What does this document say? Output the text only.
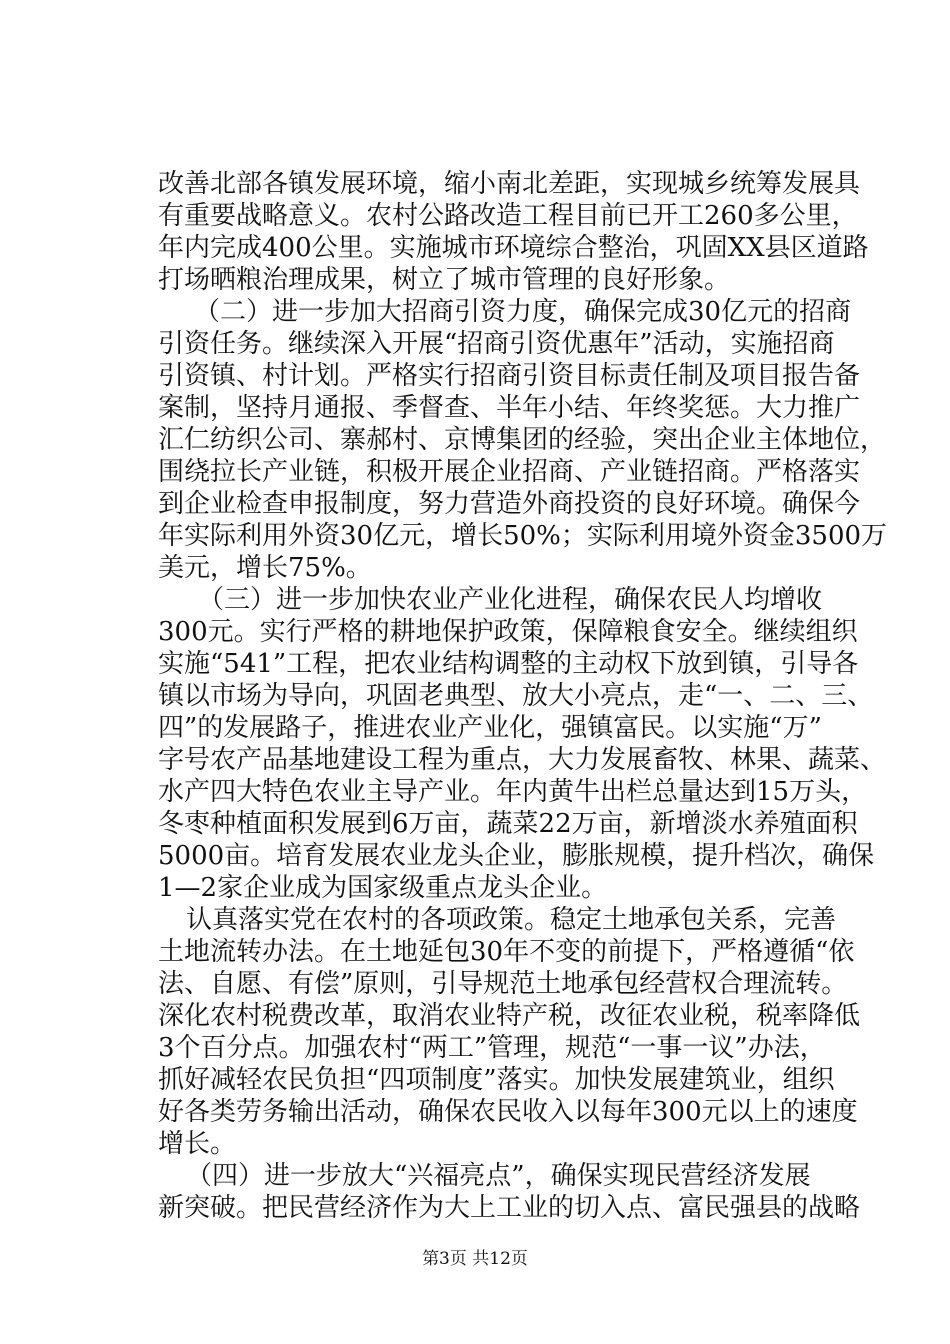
改善北部各镇发展环境，缩小南北差距，实现城乡统筹发展具
有重要战略意义。农村公路改造工程目前已开工260多公里，
年内完成400公里。实施城市环境综合整治，巩固XX县区道路
打场晒粮治理成果，树立了城市管理的良好形象。
（二）进一步加大招商引资力度，确保完成30亿元的招商
引资任务。继续深入开展“招商引资优惠年”活动，实施招商
引资镇、村计划。严格实行招商引资目标责任制及项目报告备
案制，坚持月通报、季督查、半年小结、年终奖惩。大力推广
汇仁纺织公司、寨郝村、京博集团的经验，突出企业主体地位，
围绕拉长产业链，积极开展企业招商、产业链招商。严格落实
到企业检查申报制度，努力营造外商投资的良好环境。确保今
年实际利用外资30亿元，增长50%；实际利用境外资金3500万
美元，增长75%。
（三）进一步加快农业产业化进程，确保农民人均增收
300元。实行严格的耕地保护政策，保障粮食安全。继续组织
实施“541”工程，把农业结构调整的主动权下放到镇，引导各
镇以市场为导向，巩固老典型、放大小亮点，走“一、二、三、
四”的发展路子，推进农业产业化，强镇富民。以实施“万”
字号农产品基地建设工程为重点，大力发展畜牧、林果、蔬菜、
水产四大特色农业主导产业。年内黄牛出栏总量达到15万头，
冬枣种植面积发展到6万亩，蔬菜22万亩，新增淡水养殖面积
5000亩。培育发展农业龙头企业，膨胀规模，提升档次，确保
1—2家企业成为国家级重点龙头企业。
认真落实党在农村的各项政策。稳定土地承包关系，完善
土地流转办法。在土地延包30年不变的前提下，严格遵循“依
法、自愿、有偿”原则，引导规范土地承包经营权合理流转。
深化农村税费改革，取消农业特产税，改征农业税，税率降低
3个百分点。加强农村“两工”管理，规范“一事一议”办法，
抓好减轻农民负担“四项制度”落实。加快发展建筑业，组织
好各类劳务输出活动，确保农民收入以每年300元以上的速度
增长。
（四）进一步放大“兴福亮点”，确保实现民营经济发展
新突破。把民营经济作为大上工业的切入点、富民强县的战略
第3页 共12页
